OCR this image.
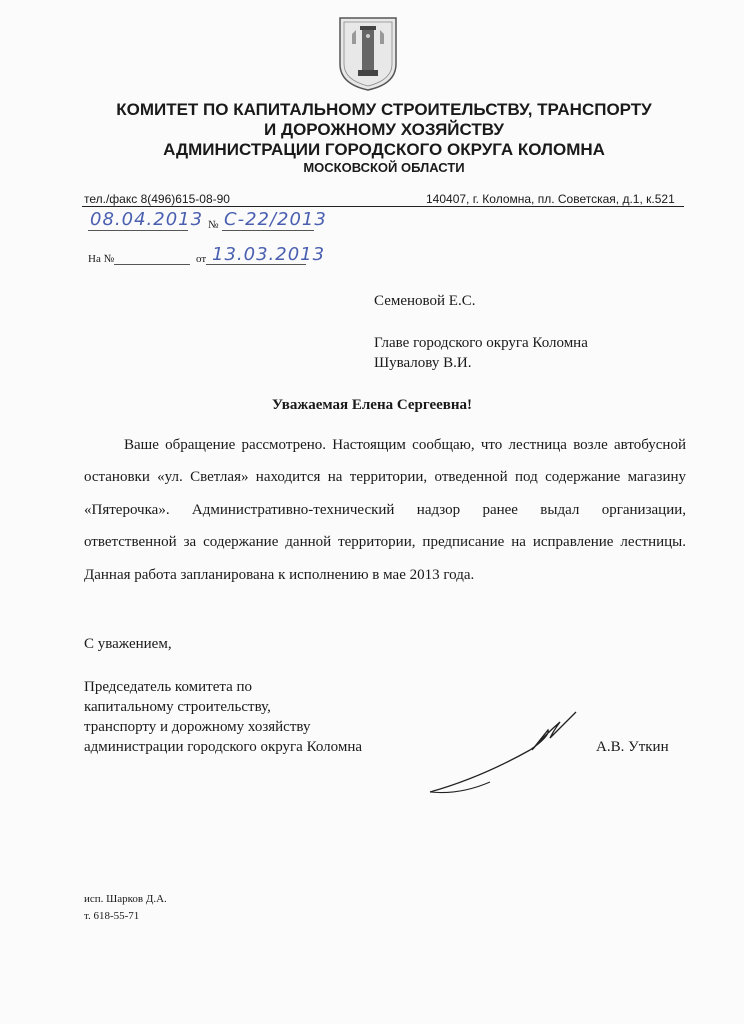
КОМИТЕТ ПО КАПИТАЛЬНОМУ СТРОИТЕЛЬСТВУ, ТРАНСПОРТУ
И ДОРОЖНОМУ ХОЗЯЙСТВУ
АДМИНИСТРАЦИИ ГОРОДСКОГО ОКРУГА КОЛОМНА
МОСКОВСКОЙ ОБЛАСТИ
тел./факс 8(496)615-08-90	140407, г. Коломна, пл. Советская, д.1, к.521
08.04.2013 № С-22/2013
На №	от 13.03.2013
Семеновой Е.С.
Главе городского округа Коломна
Шувалову В.И.
Уважаемая Елена Сергеевна!

Ваше обращение рассмотрено. Настоящим сообщаю, что лестница возле автобусной остановки «ул. Светлая» находится на территории, отведенной под содержание магазину «Пятерочка». Административно-технический надзор ранее выдал организации, ответственной за содержание данной территории, предписание на исправление лестницы. Данная работа запланирована к исполнению в мае 2013 года.

С уважением,
Председатель комитета по
капитальному строительству,
транспорту и дорожному хозяйству
администрации городского округа Коломна	А.В. Уткин
исп. Шарков Д.А.
т. 618-55-71
